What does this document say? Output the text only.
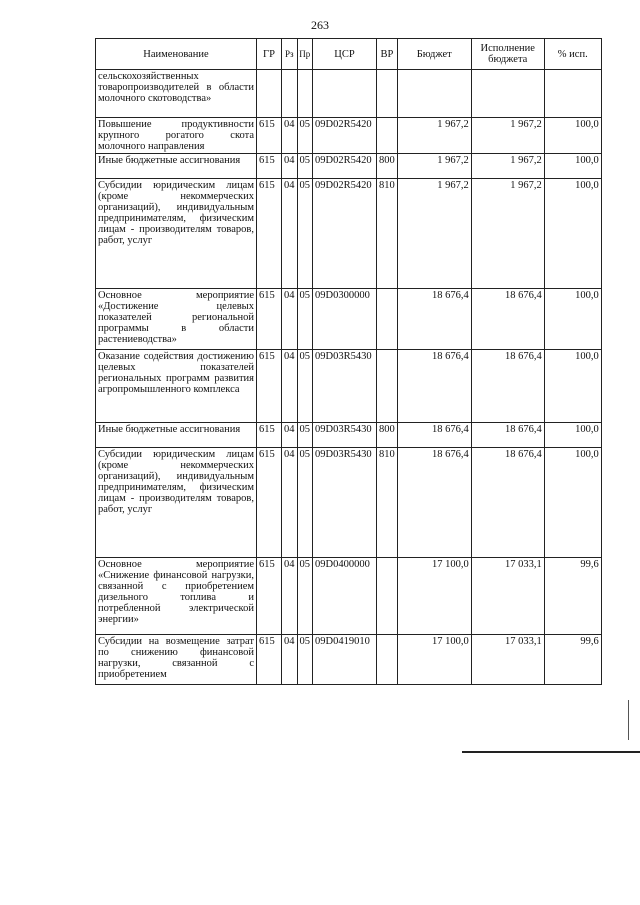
263
Наименование	ГР	Рз	Пр	ЦСР	ВР	Бюджет	Исполнение бюджета	% исп.
сельскохозяйственных товаропроизводителей в области молочного скотоводства»								
Повышение продуктивности крупного рогатого скота молочного направления	615	04	05	09D02R5420		1 967,2	1 967,2	100,0
Иные бюджетные ассигнования	615	04	05	09D02R5420	800	1 967,2	1 967,2	100,0
Субсидии юридическим лицам (кроме некоммерческих организаций), индивидуальным предпринимателям, физическим лицам - производителям товаров, работ, услуг	615	04	05	09D02R5420	810	1 967,2	1 967,2	100,0
Основное мероприятие «Достижение целевых показателей региональной программы в области растениеводства»	615	04	05	09D0300000		18 676,4	18 676,4	100,0
Оказание содействия достижению целевых показателей региональных программ развития агропромышленного комплекса	615	04	05	09D03R5430		18 676,4	18 676,4	100,0
Иные бюджетные ассигнования	615	04	05	09D03R5430	800	18 676,4	18 676,4	100,0
Субсидии юридическим лицам (кроме некоммерческих организаций), индивидуальным предпринимателям, физическим лицам - производителям товаров, работ, услуг	615	04	05	09D03R5430	810	18 676,4	18 676,4	100,0
Основное мероприятие «Снижение финансовой нагрузки, связанной с приобретением дизельного топлива и потребленной электрической энергии»	615	04	05	09D0400000		17 100,0	17 033,1	99,6
Субсидии на возмещение затрат по снижению финансовой нагрузки, связанной с приобретением	615	04	05	09D0419010		17 100,0	17 033,1	99,6
